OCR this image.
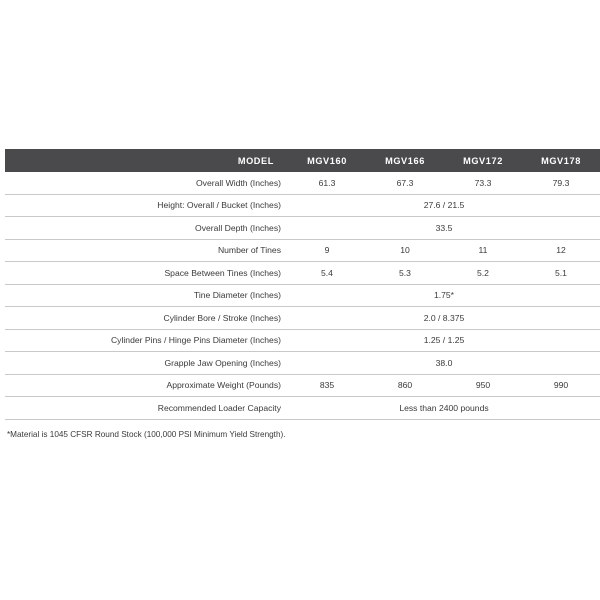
MODEL	MGV160	MGV166	MGV172	MGV178
Overall Width (Inches)	61.3	67.3	73.3	79.3
Height: Overall / Bucket (Inches)	27.6 / 21.5			
Overall Depth (Inches)	33.5			
Number of Tines	9	10	11	12
Space Between Tines (Inches)	5.4	5.3	5.2	5.1
Tine Diameter (Inches)	1.75*			
Cylinder Bore / Stroke (Inches)	2.0 / 8.375			
Cylinder Pins / Hinge Pins Diameter (Inches)	1.25 / 1.25			
Grapple Jaw Opening (Inches)	38.0			
Approximate Weight (Pounds)	835	860	950	990
Recommended Loader Capacity	Less than 2400 pounds			
*Material is 1045 CFSR Round Stock (100,000 PSI Minimum Yield Strength).
